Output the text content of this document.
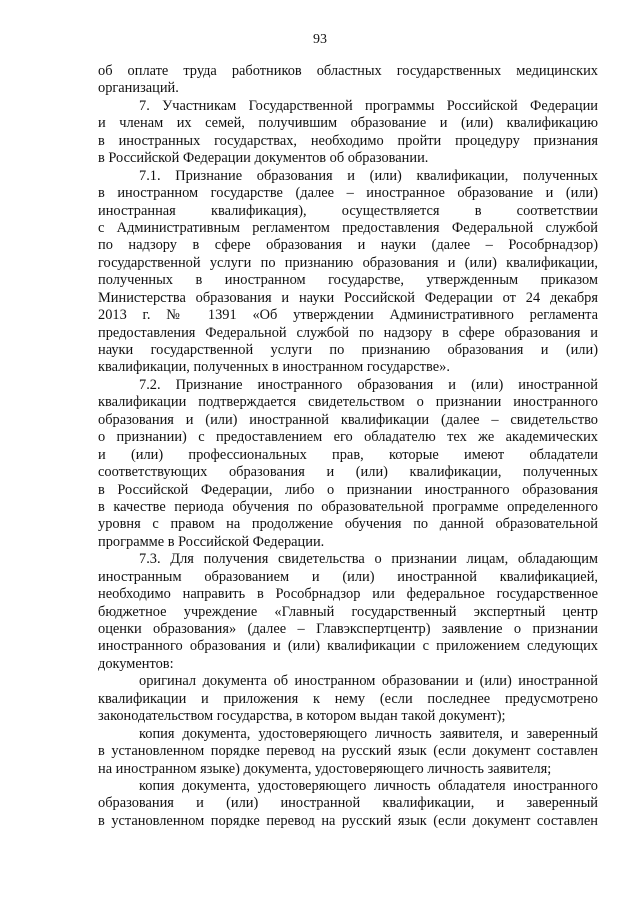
93
об оплате труда работников областных государственных медицинских
организаций.
7. Участникам Государственной программы Российской Федерации
и членам их семей, получившим образование и (или) квалификацию
в иностранных государствах, необходимо пройти процедуру признания
в Российской Федерации документов об образовании.
7.1. Признание образования и (или) квалификации, полученных
в иностранном государстве (далее – иностранное образование и (или)
иностранная квалификация), осуществляется в соответствии
с Административным регламентом предоставления Федеральной службой
по надзору в сфере образования и науки (далее – Рособрнадзор)
государственной услуги по признанию образования и (или) квалификации,
полученных в иностранном государстве, утвержденным приказом
Министерства образования и науки Российской Федерации от 24 декабря
2013 г. № 1391 «Об утверждении Административного регламента
предоставления Федеральной службой по надзору в сфере образования и
науки государственной услуги по признанию образования и (или)
квалификации, полученных в иностранном государстве».
7.2. Признание иностранного образования и (или) иностранной
квалификации подтверждается свидетельством о признании иностранного
образования и (или) иностранной квалификации (далее – свидетельство
о признании) с предоставлением его обладателю тех же академических
и (или) профессиональных прав, которые имеют обладатели
соответствующих образования и (или) квалификации, полученных
в Российской Федерации, либо о признании иностранного образования
в качестве периода обучения по образовательной программе определенного
уровня с правом на продолжение обучения по данной образовательной
программе в Российской Федерации.
7.3. Для получения свидетельства о признании лицам, обладающим
иностранным образованием и (или) иностранной квалификацией,
необходимо направить в Рособрнадзор или федеральное государственное
бюджетное учреждение «Главный государственный экспертный центр
оценки образования» (далее – Главэкспертцентр) заявление о признании
иностранного образования и (или) квалификации с приложением следующих
документов:
оригинал документа об иностранном образовании и (или) иностранной
квалификации и приложения к нему (если последнее предусмотрено
законодательством государства, в котором выдан такой документ);
копия документа, удостоверяющего личность заявителя, и заверенный
в установленном порядке перевод на русский язык (если документ составлен
на иностранном языке) документа, удостоверяющего личность заявителя;
копия документа, удостоверяющего личность обладателя иностранного
образования и (или) иностранной квалификации, и заверенный
в установленном порядке перевод на русский язык (если документ составлен
